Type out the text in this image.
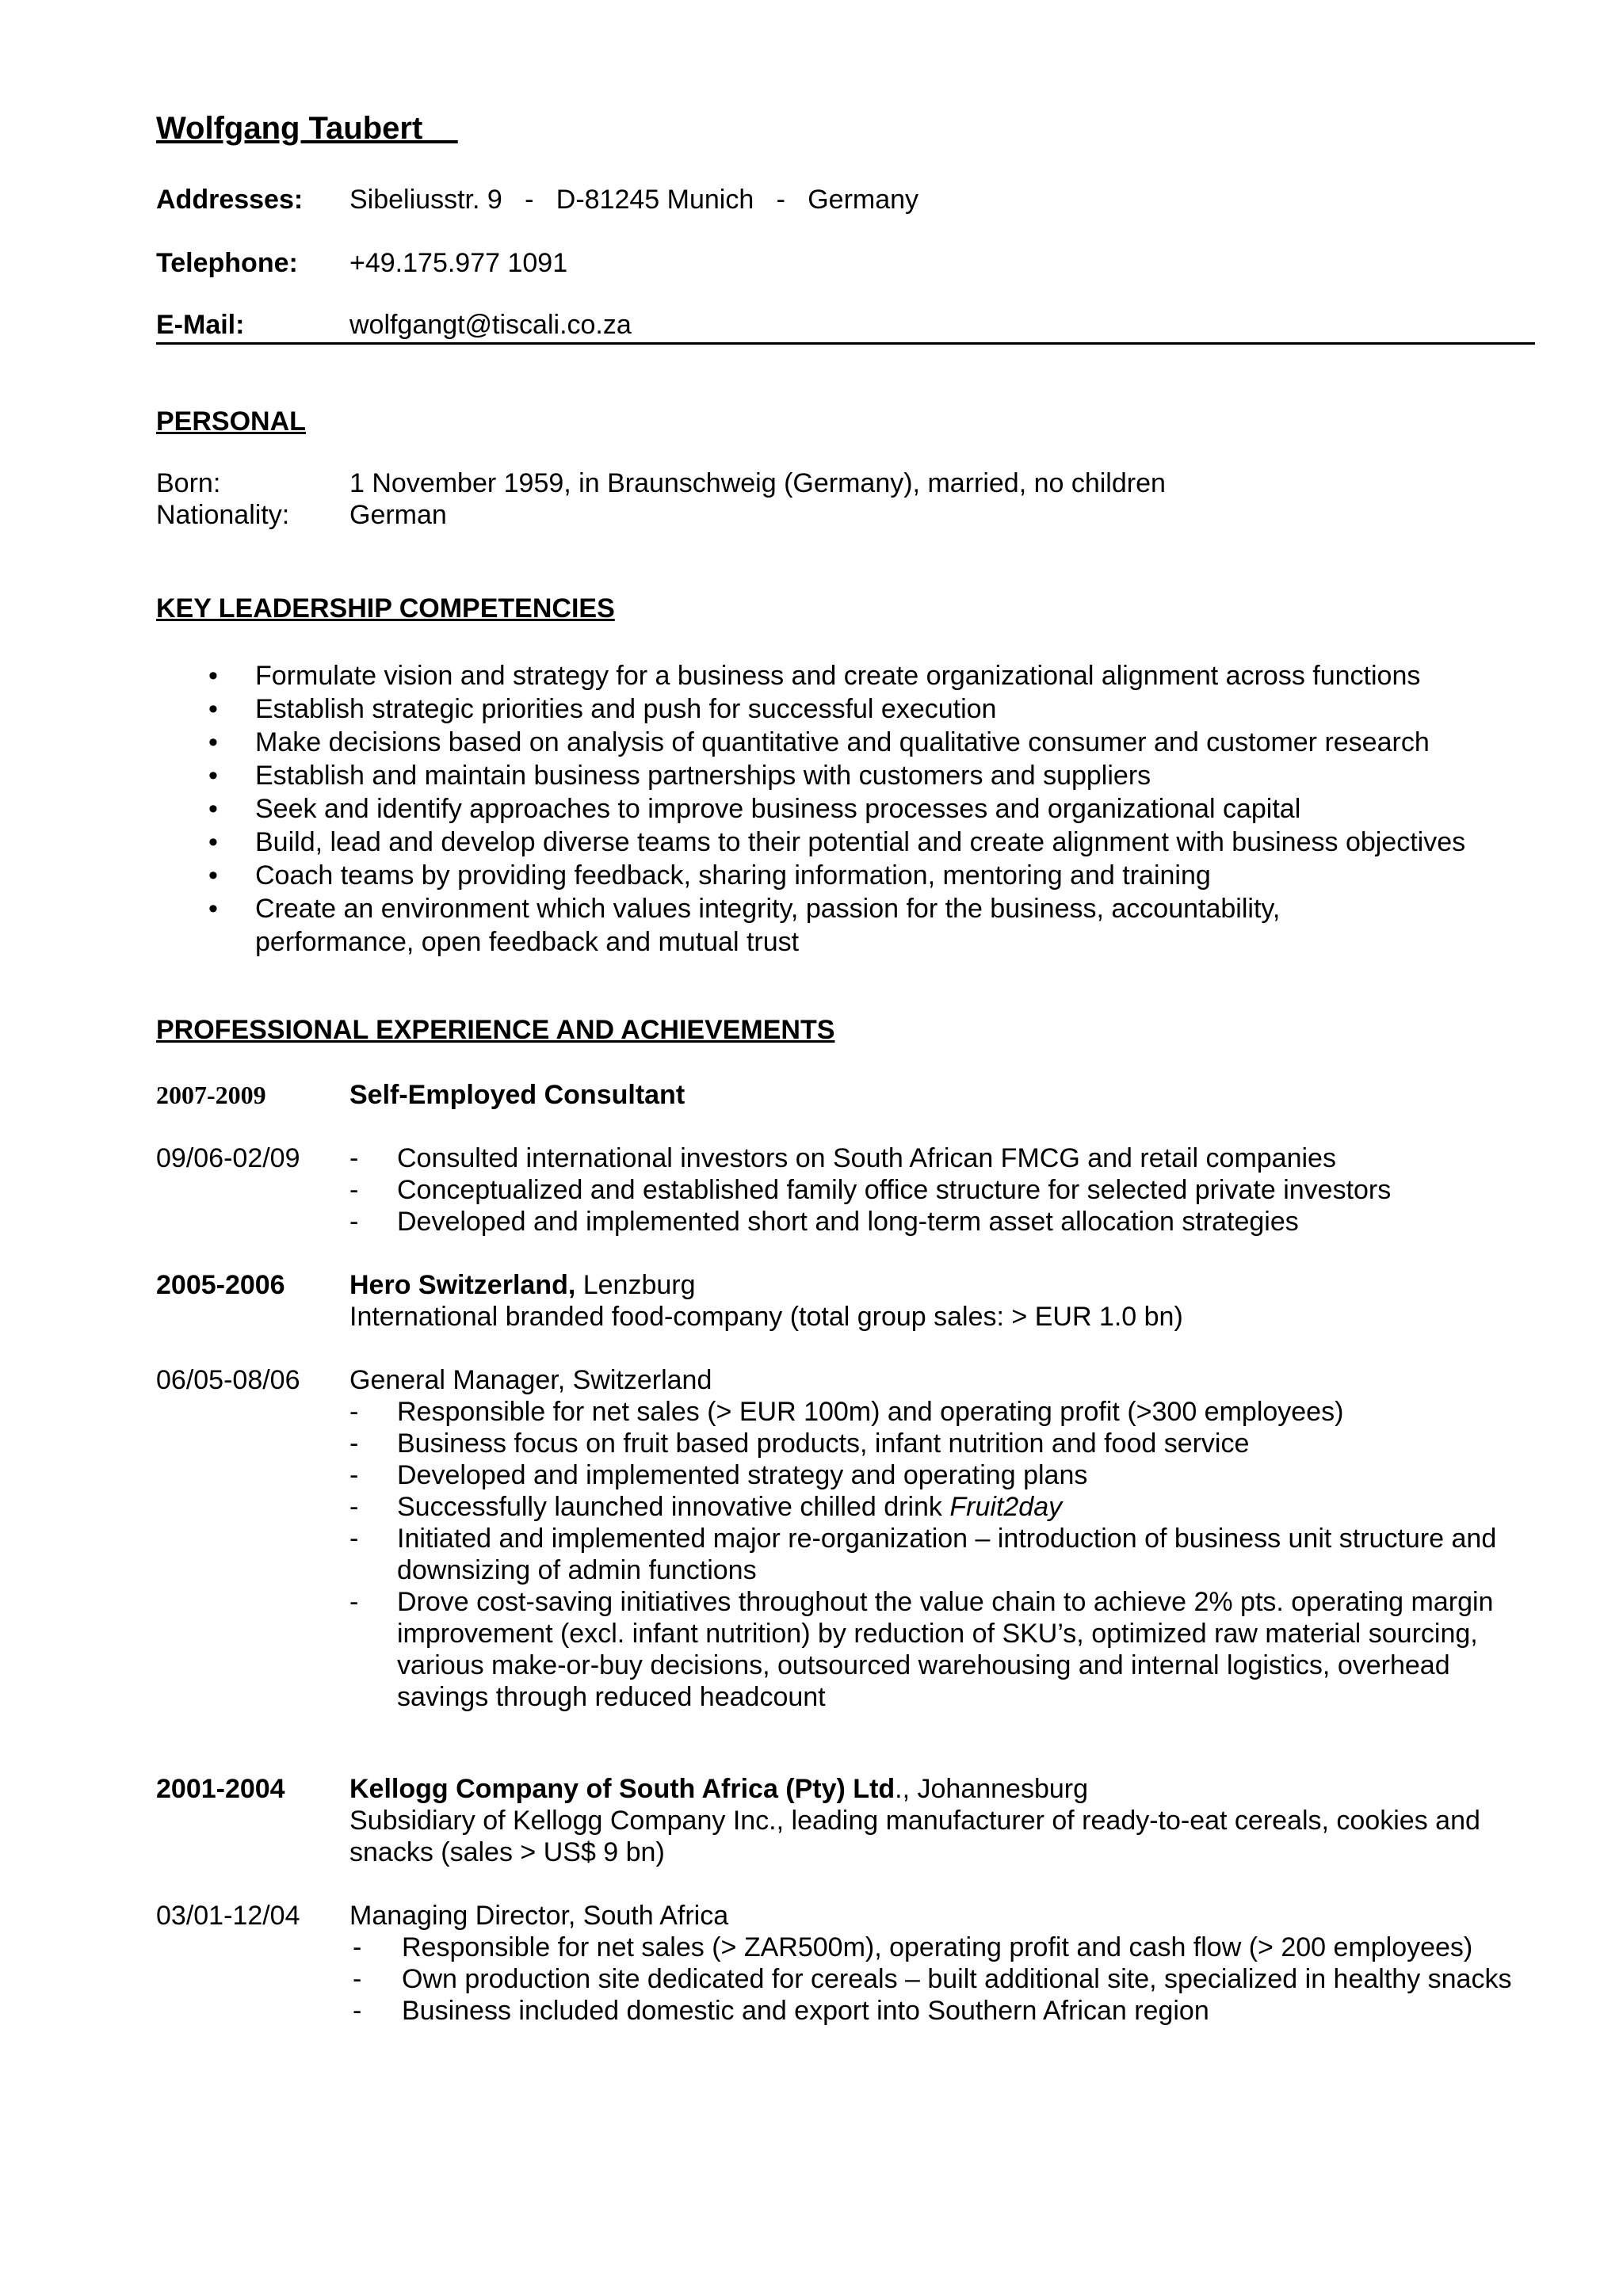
Wolfgang Taubert
Addresses: Sibeliusstr. 9   -   D-81245 Munich   -   Germany
Telephone: +49.175.977 1091
E-Mail:	wolfgangt@tiscali.co.za
PERSONAL
Born:	1 November 1959, in Braunschweig (Germany), married, no children
Nationality: German
KEY LEADERSHIP COMPETENCIES
• Formulate vision and strategy for a business and create organizational alignment across functions
• Establish strategic priorities and push for successful execution
• Make decisions based on analysis of quantitative and qualitative consumer and customer research
• Establish and maintain business partnerships with customers and suppliers
• Seek and identify approaches to improve business processes and organizational capital
• Build, lead and develop diverse teams to their potential and create alignment with business objectives
• Coach teams by providing feedback, sharing information, mentoring and training
• Create an environment which values integrity, passion for the business, accountability, performance, open feedback and mutual trust
PROFESSIONAL EXPERIENCE AND ACHIEVEMENTS
2007-2009	Self-Employed Consultant
09/06-02/09 - Consulted international investors on South African FMCG and retail companies
- Conceptualized and established family office structure for selected private investors
- Developed and implemented short and long-term asset allocation strategies
2005-2006 Hero Switzerland, Lenzburg
International branded food-company (total group sales: > EUR 1.0 bn)
06/05-08/06 General Manager, Switzerland
- Responsible for net sales (> EUR 100m) and operating profit (>300 employees)
- Business focus on fruit based products, infant nutrition and food service
- Developed and implemented strategy and operating plans
- Successfully launched innovative chilled drink Fruit2day
- Initiated and implemented major re-organization – introduction of business unit structure and downsizing of admin functions
- Drove cost-saving initiatives throughout the value chain to achieve 2% pts. operating margin improvement (excl. infant nutrition) by reduction of SKU’s, optimized raw material sourcing, various make-or-buy decisions, outsourced warehousing and internal logistics, overhead savings through reduced headcount
2001-2004 Kellogg Company of South Africa (Pty) Ltd., Johannesburg
Subsidiary of Kellogg Company Inc., leading manufacturer of ready-to-eat cereals, cookies and snacks (sales > US$ 9 bn)
03/01-12/04 Managing Director, South Africa
- Responsible for net sales (> ZAR500m), operating profit and cash flow (> 200 employees)
- Own production site dedicated for cereals – built additional site, specialized in healthy snacks
- Business included domestic and export into Southern African region
